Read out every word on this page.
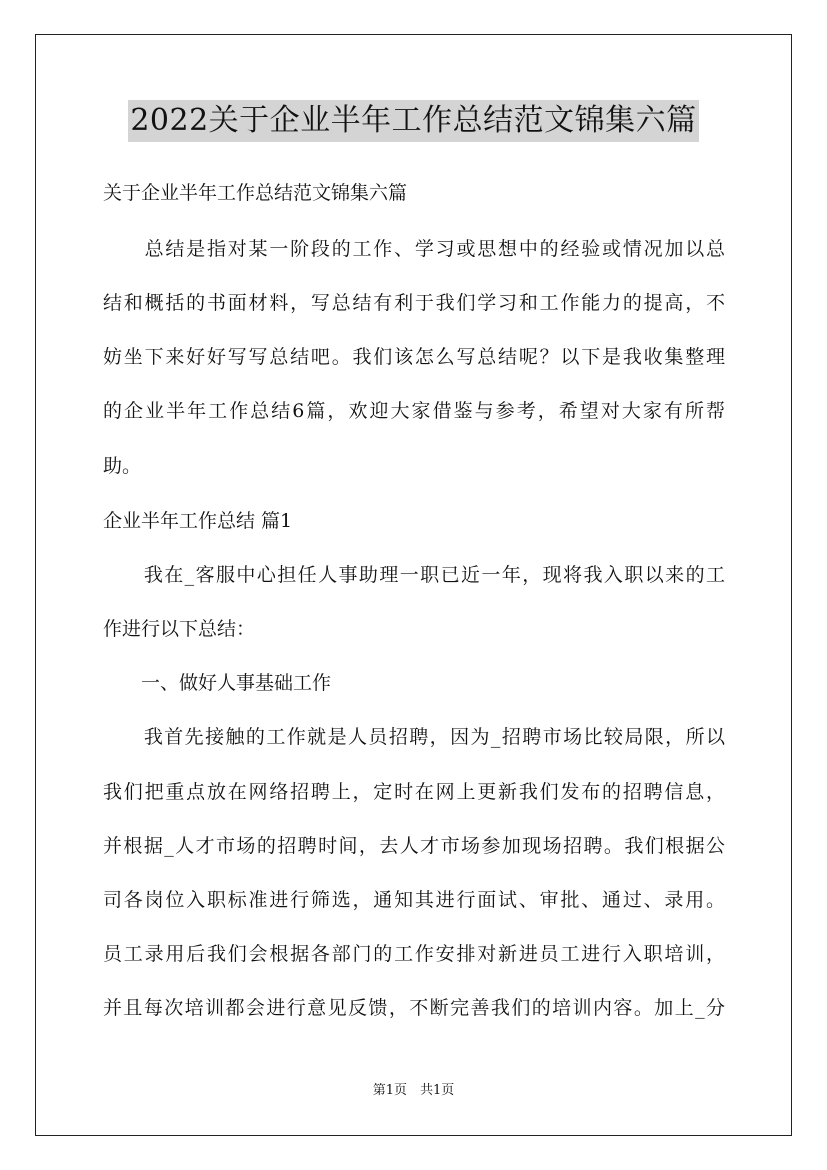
2022关于企业半年工作总结范文锦集六篇
关于企业半年工作总结范文锦集六篇
　　总结是指对某一阶段的工作、学习或思想中的经验或情况加以总
结和概括的书面材料，写总结有利于我们学习和工作能力的提高，不
妨坐下来好好写写总结吧。我们该怎么写总结呢？以下是我收集整理
的企业半年工作总结6篇，欢迎大家借鉴与参考，希望对大家有所帮
助。
企业半年工作总结 篇1
　　我在_客服中心担任人事助理一职已近一年，现将我入职以来的工
作进行以下总结：
　　一、做好人事基础工作
　　我首先接触的工作就是人员招聘，因为_招聘市场比较局限，所以
我们把重点放在网络招聘上，定时在网上更新我们发布的招聘信息，
并根据_人才市场的招聘时间，去人才市场参加现场招聘。我们根据公
司各岗位入职标准进行筛选，通知其进行面试、审批、通过、录用。
员工录用后我们会根据各部门的工作安排对新进员工进行入职培训，
并且每次培训都会进行意见反馈，不断完善我们的培训内容。加上_分
第1页　共1页
